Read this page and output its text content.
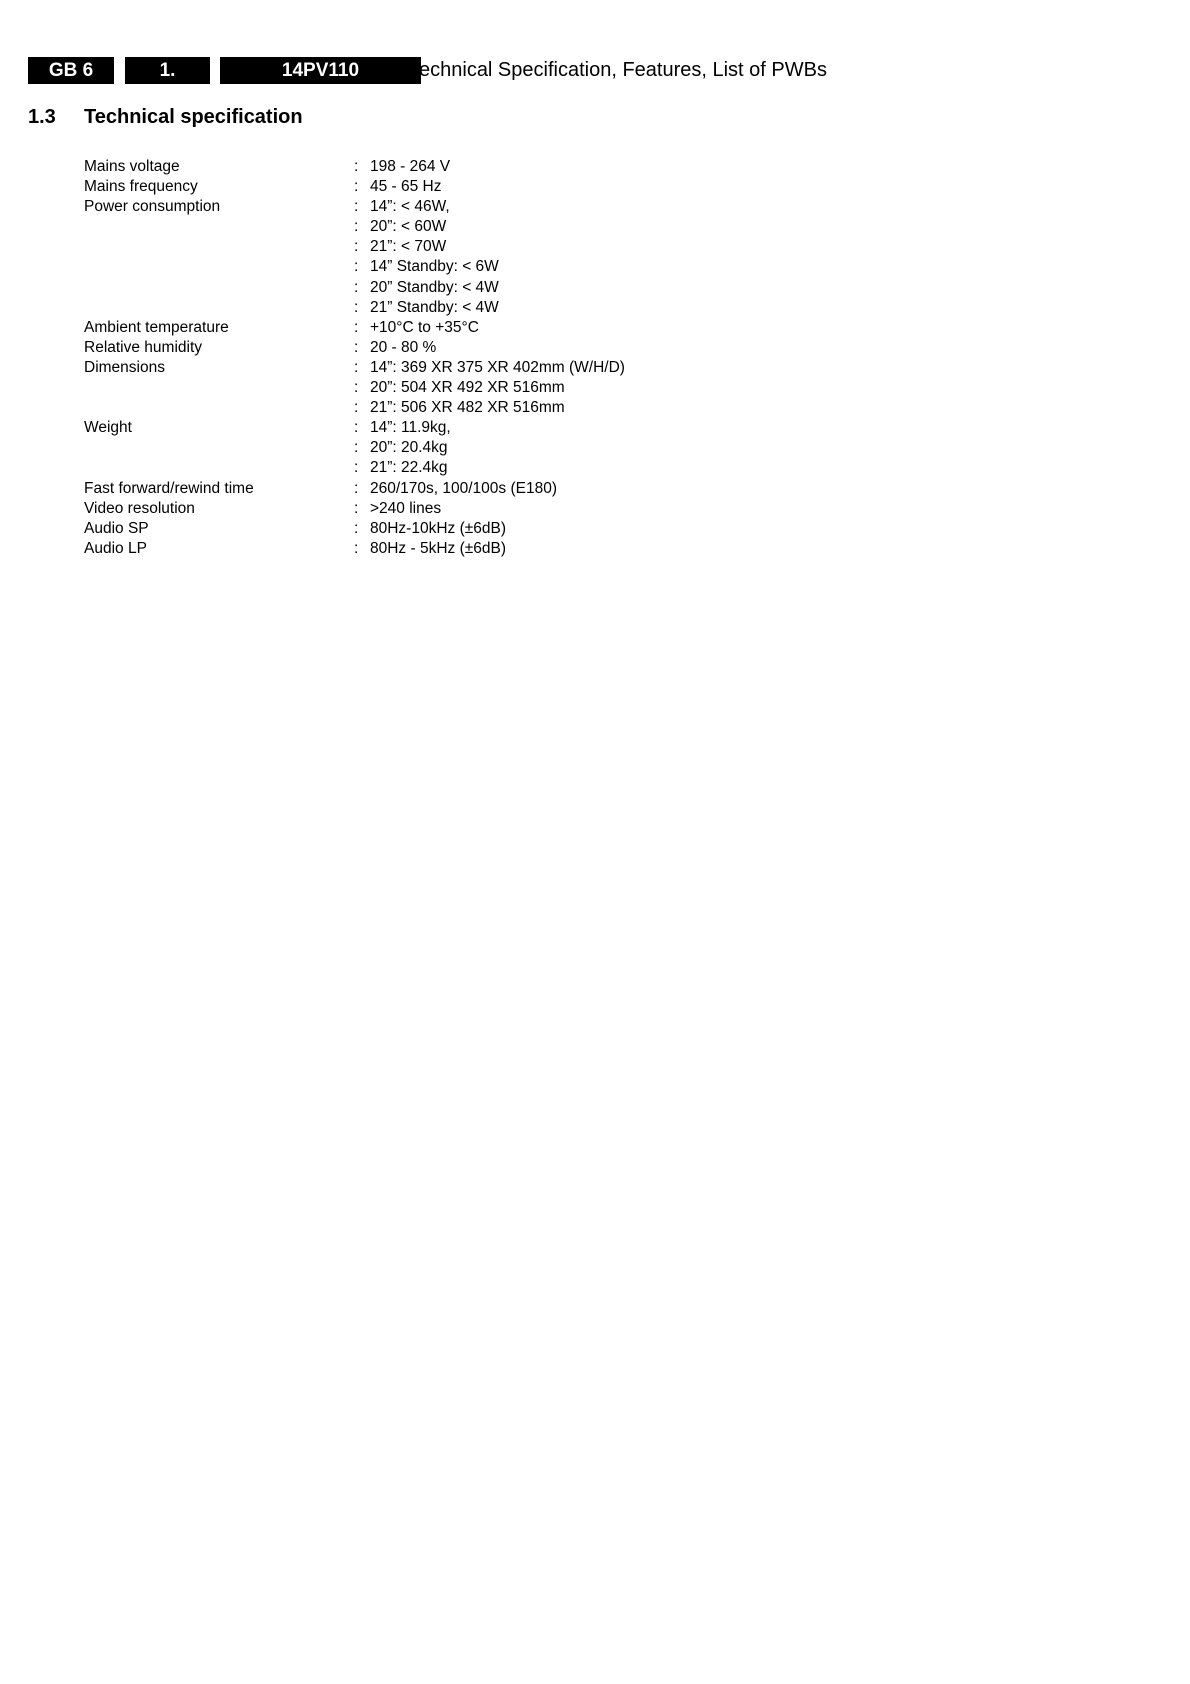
GB 6	1.	14PV110	Technical Specification, Features, List of PWBs
1.3 Technical specification
Mains voltage	: 198 - 264 V
Mains frequency	: 45 - 65 Hz
Power consumption	: 14”: < 46W,
: 20”: < 60W
: 21”: < 70W
: 14” Standby: < 6W
: 20” Standby: < 4W
: 21” Standby: < 4W
Ambient temperature	: +10°C to +35°C
Relative humidity	: 20 - 80 %
Dimensions	: 14”: 369 XR 375 XR 402mm (W/H/D)
: 20”: 504 XR 492 XR 516mm
: 21”: 506 XR 482 XR 516mm
Weight	: 14”: 11.9kg,
: 20”: 20.4kg
: 21”: 22.4kg
Fast forward/rewind time	: 260/170s, 100/100s (E180)
Video resolution	: >240 lines
Audio SP	: 80Hz-10kHz (±6dB)
Audio LP	: 80Hz - 5kHz (±6dB)
